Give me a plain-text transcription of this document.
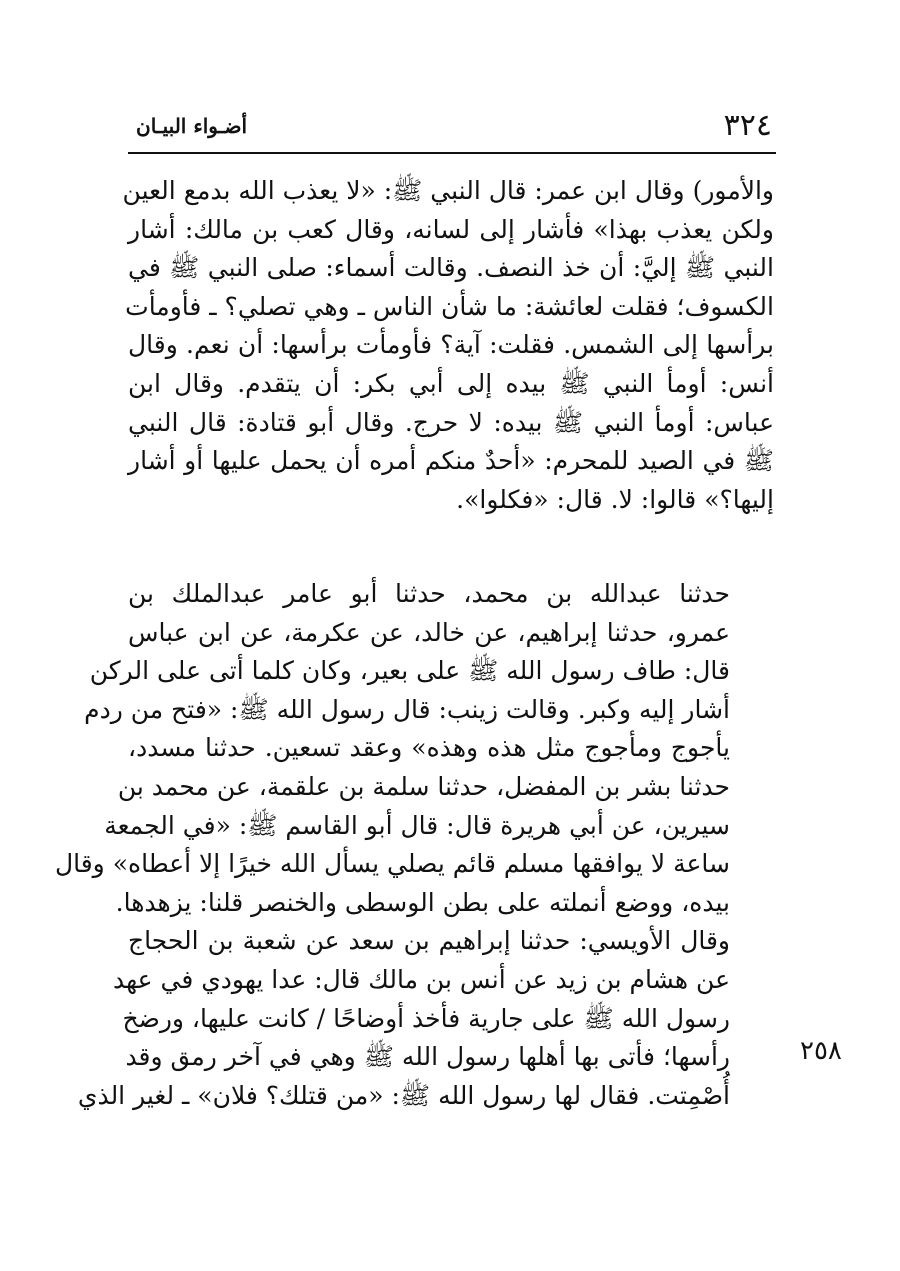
٣٢٤
أضـواء البيـان
والأمور) وقال ابن عمر: قال النبي ﷺ: «لا يعذب الله بدمع العين
ولكن يعذب بهذا» فأشار إلى لسانه، وقال كعب بن مالك: أشار
النبي ﷺ إليَّ: أن خذ النصف. وقالت أسماء: صلى النبي ﷺ في
الكسوف؛ فقلت لعائشة: ما شأن الناس ـ وهي تصلي؟ ـ فأومأت
برأسها إلى الشمس. فقلت: آية؟ فأومأت برأسها: أن نعم. وقال
أنس: أومأ النبي ﷺ بيده إلى أبي بكر: أن يتقدم. وقال ابن
عباس: أومأ النبي ﷺ بيده: لا حرج. وقال أبو قتادة: قال النبي
ﷺ في الصيد للمحرم: «أحدٌ منكم أمره أن يحمل عليها أو أشار
إليها؟» قالوا: لا. قال: «فكلوا».
حدثنا عبدالله بن محمد، حدثنا أبو عامر عبدالملك بن
عمرو، حدثنا إبراهيم، عن خالد، عن عكرمة، عن ابن عباس
قال: طاف رسول الله ﷺ على بعير، وكان كلما أتى على الركن
أشار إليه وكبر. وقالت زينب: قال رسول الله ﷺ: «فتح من ردم
يأجوج ومأجوج مثل هذه وهذه» وعقد تسعين. حدثنا مسدد،
حدثنا بشر بن المفضل، حدثنا سلمة بن علقمة، عن محمد بن
سيرين، عن أبي هريرة قال: قال أبو القاسم ﷺ: «في الجمعة
ساعة لا يوافقها مسلم قائم يصلي يسأل الله خيرًا إلا أعطاه» وقال
بيده، ووضع أنملته على بطن الوسطى والخنصر قلنا: يزهدها.
وقال الأويسي: حدثنا إبراهيم بن سعد عن شعبة بن الحجاج
عن هشام بن زيد عن أنس بن مالك قال: عدا يهودي في عهد
رسول الله ﷺ على جارية فأخذ أوضاحًا / كانت عليها، ورضخ
رأسها؛ فأتى بها أهلها رسول الله ﷺ وهي في آخر رمق وقد
أُصْمِتت. فقال لها رسول الله ﷺ: «من قتلك؟ فلان» ـ لغير الذي
٢٥٨
